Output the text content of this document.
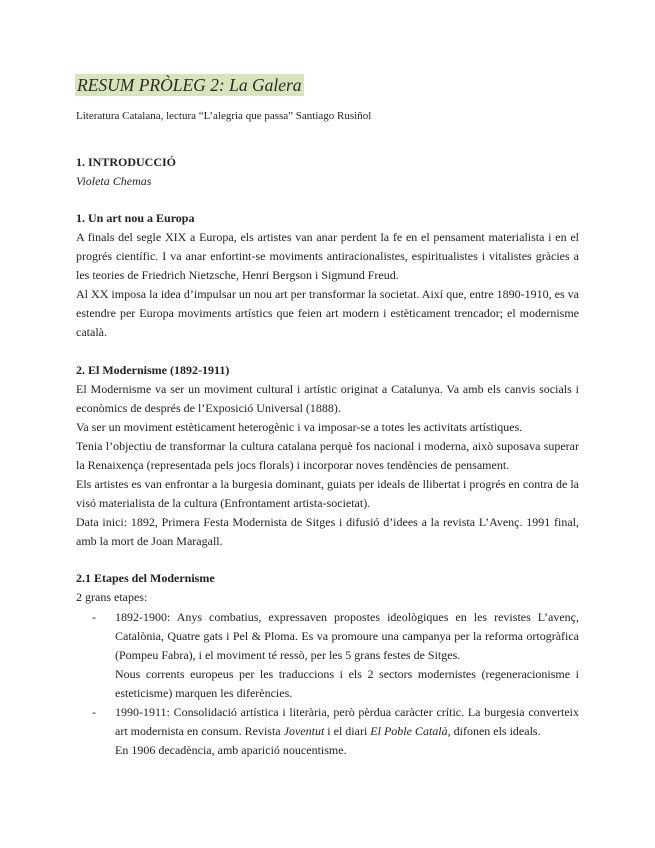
RESUM PRÒLEG 2: La Galera
Literatura Catalana, lectura “L’alegria que passa” Santiago Rusiñol
1. INTRODUCCIÓ
Violeta Chemas
1. Un art nou a Europa

A finals del segle XIX a Europa, els artistes van anar perdent la fe en el pensament materialista i en el progrés científic. I va anar enfortint-se moviments antiracionalistes, espiritualistes i vitalistes gràcies a les teories de Friedrich Nietzsche, Henri Bergson i Sigmund Freud.

Al XX imposa la idea d’impulsar un nou art per transformar la societat. Així que, entre 1890-1910, es va estendre per Europa moviments artístics que feien art modern i estèticament trencador; el modernisme català.

2. El Modernisme (1892-1911)

El Modernisme va ser un moviment cultural i artístic originat a Catalunya. Va amb els canvis socials i econòmics de després de l’Exposició Universal (1888).

Va ser un moviment estèticament heterogènic i va imposar-se a totes les activitats artístiques.

Tenia l’objectiu de transformar la cultura catalana perquè fos nacional i moderna, això suposava superar la Renaixença (representada pels jocs florals) i incorporar noves tendències de pensament.

Els artistes es van enfrontar a la burgesia dominant, guiats per ideals de llibertat i progrés en contra de la visó materialista de la cultura (Enfrontament artista-societat).

Data inici: 1892, Primera Festa Modernista de Sitges i difusió d’idees a la revista L’Avenç. 1991 final, amb la mort de Joan Maragall.

2.1 Etapes del Modernisme

2 grans etapes:

- 1892-1900: Anys combatius, expressaven propostes ideològiques en les revistes L’avenç, Catalònia, Quatre gats i Pel & Ploma. Es va promoure una campanya per la reforma ortogràfica (Pompeu Fabra), i el moviment té ressò, per les 5 grans festes de Sitges.

Nous corrents europeus per les traduccions i els 2 sectors modernistes (regeneracionisme i esteticisme) marquen les diferències.

- 1990-1911: Consolidació artística i literària, però pèrdua caràcter crític. La burgesia converteix art modernista en consum. Revista Joventut i el diari El Poble Català, difonen els ideals.

En 1906 decadència, amb aparició noucentisme.
